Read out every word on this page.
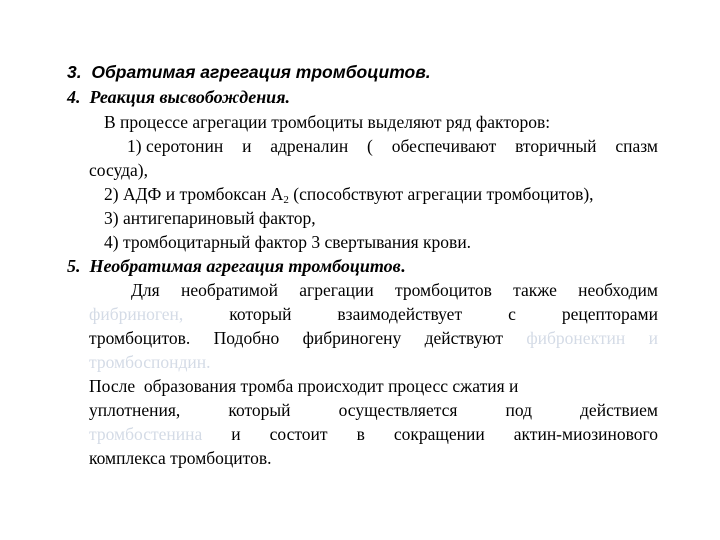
3. Обратимая агрегация тромбоцитов.
4. Реакция высвобождения.
В процессе агрегации тромбоциты выделяют ряд факторов:
1) серотонин и адреналин ( обеспечивают вторичный спазм
сосуда),
2) АДФ и тромбоксан $А_2$ (способствуют агрегации тромбоцитов),
3) антигепариновый фактор,
4) тромбоцитарный фактор 3 свертывания крови.
5. Необратимая агрегация тромбоцитов.
Для необратимой агрегации тромбоцитов также необходим
фибриноген,	который	взаимодействует	с	рецепторами
тромбоцитов. Подобно фибриногену действуют фибронектин и
тромбоспондин.
После  образования тромба происходит процесс сжатия и
уплотнения,	который	осуществляется	под	действием
тромбостенина и состоит в сокращении актин-миозинового
комплекса тромбоцитов.
